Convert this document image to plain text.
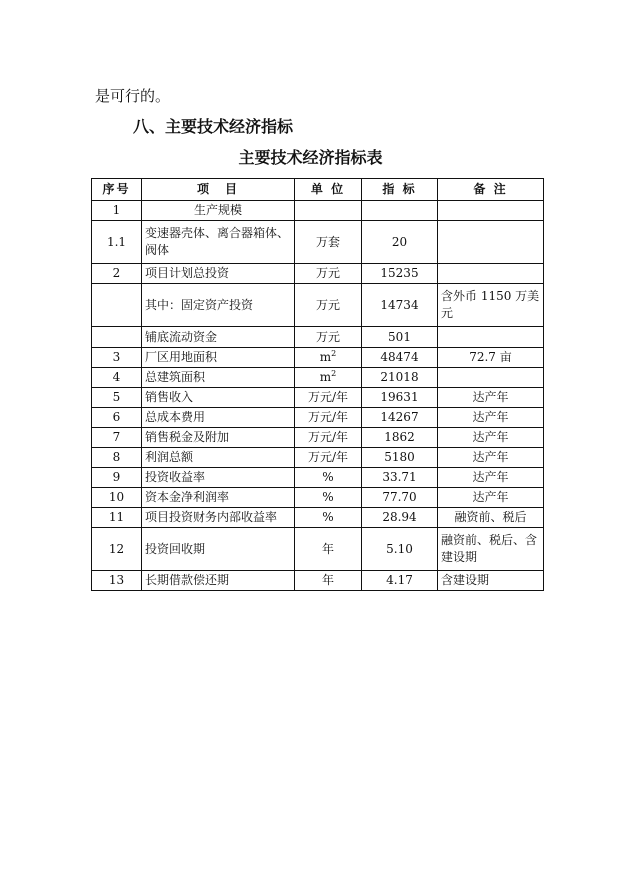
是可行的。
八、主要技术经济指标
主要技术经济指标表
序号	项　目	单 位	指 标	备 注
1	生产规模			
1.1	变速器壳体、离合器箱体、阀体	万套	20	
2	项目计划总投资	万元	15235	
	其中：固定资产投资	万元	14734	含外币 1150 万美元
	铺底流动资金	万元	501	
3	厂区用地面积	$m^2$	48474	72.7 亩
4	总建筑面积	$m^2$	21018	
5	销售收入	万元/年	19631	达产年
6	总成本费用	万元/年	14267	达产年
7	销售税金及附加	万元/年	1862	达产年
8	利润总额	万元/年	5180	达产年
9	投资收益率	%	33.71	达产年
10	资本金净利润率	%	77.70	达产年
11	项目投资财务内部收益率	%	28.94	融资前、税后
12	投资回收期	年	5.10	融资前、税后、含建设期
13	长期借款偿还期	年	4.17	含建设期
